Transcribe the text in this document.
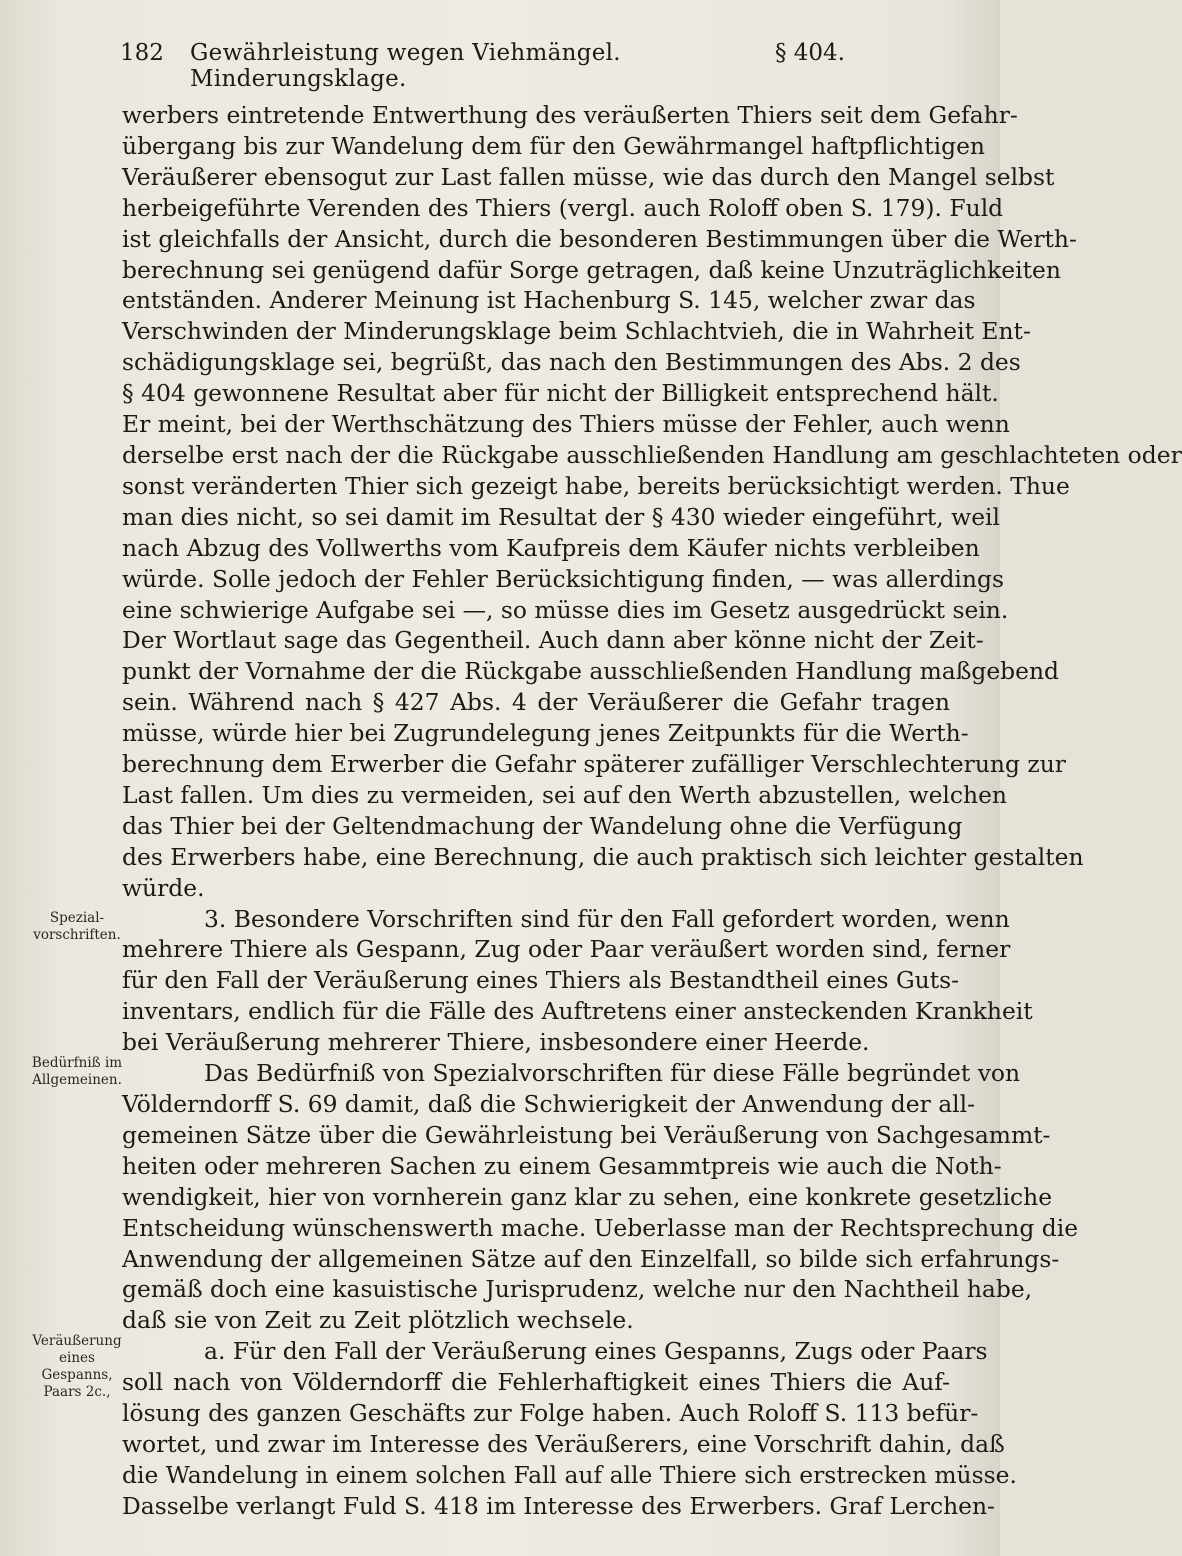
182	Gewährleistung wegen Viehmängel. Minderungsklage.
§ 404.
Spezial-
vorschriften.
Bedürfniß im
Allgemeinen.
Veräußerung
eines
Gespanns,
Paars 2c.,
werbers eintretende Entwerthung des veräußerten Thiers seit dem Gefahr-
übergang bis zur Wandelung dem für den Gewährmangel haftpflichtigen
Veräußerer ebensogut zur Last fallen müsse, wie das durch den Mangel selbst
herbeigeführte Verenden des Thiers (vergl. auch Roloff oben S. 179). Fuld
ist gleichfalls der Ansicht, durch die besonderen Bestimmungen über die Werth-
berechnung sei genügend dafür Sorge getragen, daß keine Unzuträglichkeiten
entständen. Anderer Meinung ist Hachenburg S. 145, welcher zwar das
Verschwinden der Minderungsklage beim Schlachtvieh, die in Wahrheit Ent-
schädigungsklage sei, begrüßt, das nach den Bestimmungen des Abs. 2 des
§ 404 gewonnene Resultat aber für nicht der Billigkeit entsprechend hält.
Er meint, bei der Werthschätzung des Thiers müsse der Fehler, auch wenn
derselbe erst nach der die Rückgabe ausschließenden Handlung am geschlachteten oder
sonst veränderten Thier sich gezeigt habe, bereits berücksichtigt werden. Thue
man dies nicht, so sei damit im Resultat der § 430 wieder eingeführt, weil
nach Abzug des Vollwerths vom Kaufpreis dem Käufer nichts verbleiben
würde. Solle jedoch der Fehler Berücksichtigung finden, — was allerdings
eine schwierige Aufgabe sei —, so müsse dies im Gesetz ausgedrückt sein.
Der Wortlaut sage das Gegentheil. Auch dann aber könne nicht der Zeit-
punkt der Vornahme der die Rückgabe ausschließenden Handlung maßgebend
sein. Während nach § 427 Abs. 4 der Veräußerer die Gefahr tragen
müsse, würde hier bei Zugrundelegung jenes Zeitpunkts für die Werth-
berechnung dem Erwerber die Gefahr späterer zufälliger Verschlechterung zur
Last fallen. Um dies zu vermeiden, sei auf den Werth abzustellen, welchen
das Thier bei der Geltendmachung der Wandelung ohne die Verfügung
des Erwerbers habe, eine Berechnung, die auch praktisch sich leichter gestalten
würde.
3. Besondere Vorschriften sind für den Fall gefordert worden, wenn
mehrere Thiere als Gespann, Zug oder Paar veräußert worden sind, ferner
für den Fall der Veräußerung eines Thiers als Bestandtheil eines Guts-
inventars, endlich für die Fälle des Auftretens einer ansteckenden Krankheit
bei Veräußerung mehrerer Thiere, insbesondere einer Heerde.
Das Bedürfniß von Spezialvorschriften für diese Fälle begründet von
Völderndorff S. 69 damit, daß die Schwierigkeit der Anwendung der all-
gemeinen Sätze über die Gewährleistung bei Veräußerung von Sachgesammt-
heiten oder mehreren Sachen zu einem Gesammtpreis wie auch die Noth-
wendigkeit, hier von vornherein ganz klar zu sehen, eine konkrete gesetzliche
Entscheidung wünschenswerth mache. Ueberlasse man der Rechtsprechung die
Anwendung der allgemeinen Sätze auf den Einzelfall, so bilde sich erfahrungs-
gemäß doch eine kasuistische Jurisprudenz, welche nur den Nachtheil habe,
daß sie von Zeit zu Zeit plötzlich wechsele.
a. Für den Fall der Veräußerung eines Gespanns, Zugs oder Paars
soll nach von Völderndorff die Fehlerhaftigkeit eines Thiers die Auf-
lösung des ganzen Geschäfts zur Folge haben. Auch Roloff S. 113 befür-
wortet, und zwar im Interesse des Veräußerers, eine Vorschrift dahin, daß
die Wandelung in einem solchen Fall auf alle Thiere sich erstrecken müsse.
Dasselbe verlangt Fuld S. 418 im Interesse des Erwerbers. Graf Lerchen-
